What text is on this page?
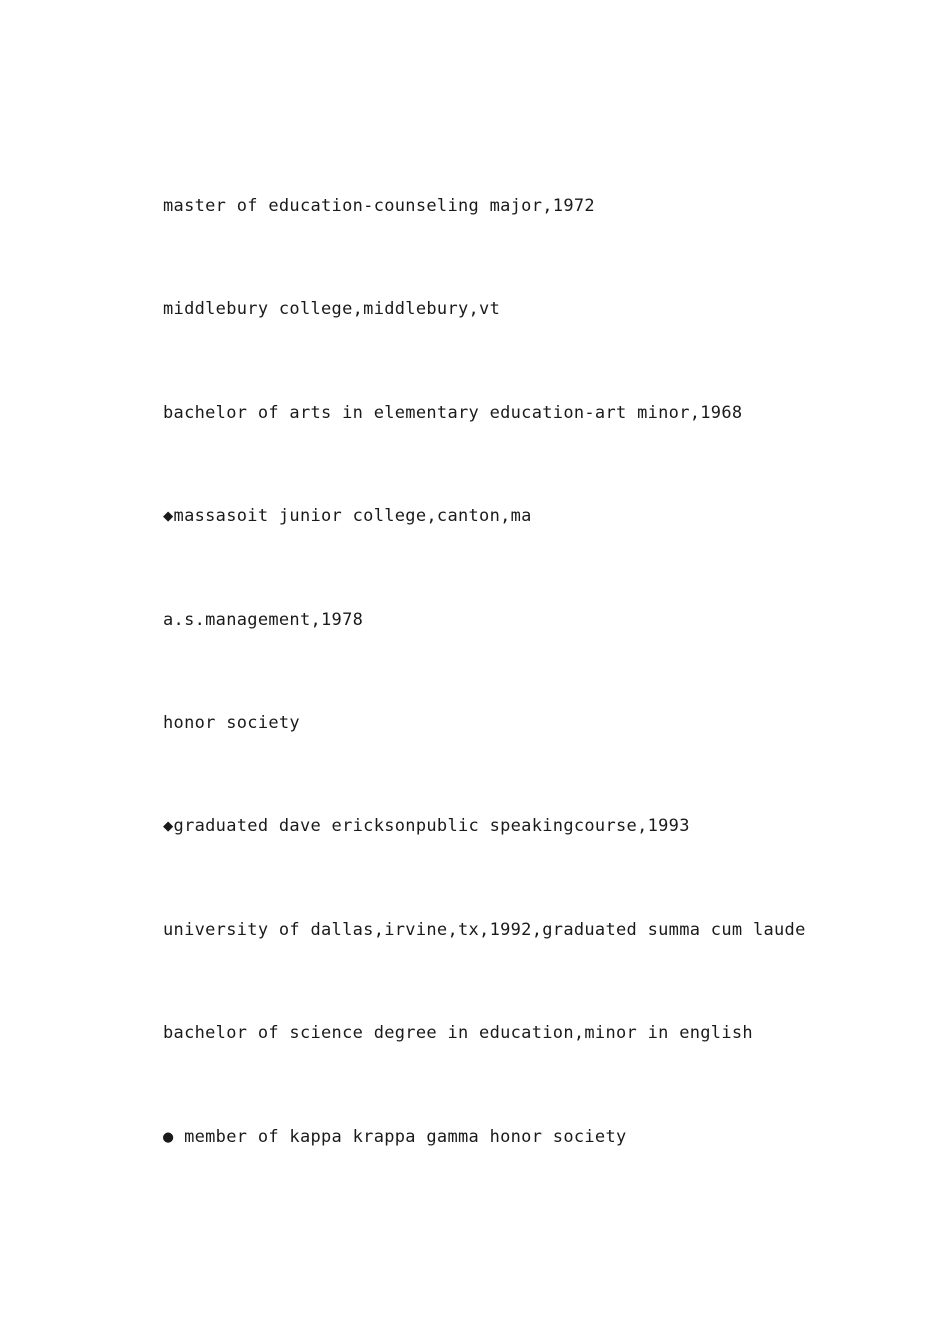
master of education-counseling major,1972
middlebury college,middlebury,vt
bachelor of arts in elementary education-art minor,1968
◆massasoit junior college,canton,ma
a.s.management,1978
honor society
◆graduated dave ericksonpublic speakingcourse,1993
university of dallas,irvine,tx,1992,graduated summa cum laude
bachelor of science degree in education,minor in english
● member of kappa krappa gamma honor society
